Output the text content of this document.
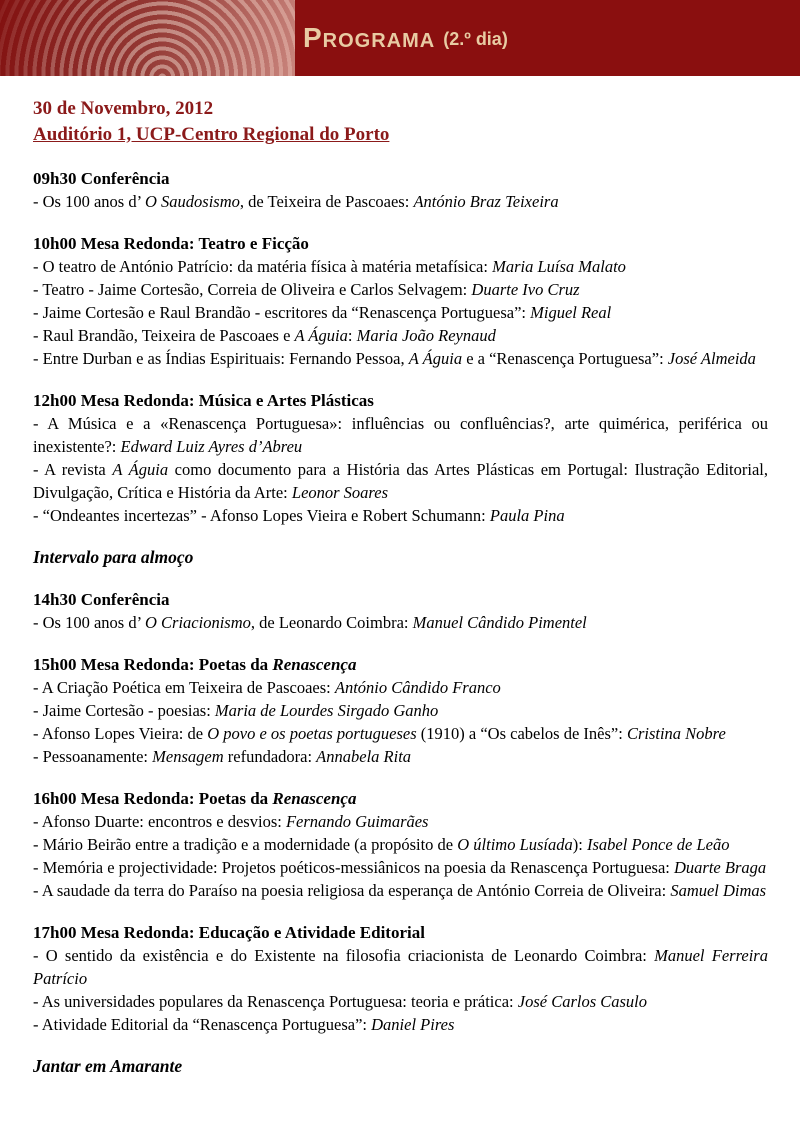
Programa (2.º dia)
30 de Novembro, 2012
Auditório 1, UCP-Centro Regional do Porto
09h30 Conferência
- Os 100 anos d’ O Saudosismo, de Teixeira de Pascoaes: António Braz Teixeira
10h00 Mesa Redonda: Teatro e Ficção
- O teatro de António Patrício: da matéria física à matéria metafísica: Maria Luísa Malato
- Teatro - Jaime Cortesão, Correia de Oliveira e Carlos Selvagem: Duarte Ivo Cruz
- Jaime Cortesão e Raul Brandão - escritores da “Renascença Portuguesa”: Miguel Real
- Raul Brandão, Teixeira de Pascoaes e A Águia: Maria João Reynaud
- Entre Durban e as Índias Espirituais: Fernando Pessoa, A Águia e a “Renascença Portuguesa”: José Almeida
12h00 Mesa Redonda: Música e Artes Plásticas
- A Música e a «Renascença Portuguesa»: influências ou confluências?, arte quimérica, periférica ou inexistente?: Edward Luiz Ayres d’Abreu
- A revista A Águia como documento para a História das Artes Plásticas em Portugal: Ilustração Editorial, Divulgação, Crítica e História da Arte: Leonor Soares
- “Ondeantes incertezas” - Afonso Lopes Vieira e Robert Schumann: Paula Pina
Intervalo para almoço
14h30 Conferência
- Os 100 anos d’ O Criacionismo, de Leonardo Coimbra: Manuel Cândido Pimentel
15h00 Mesa Redonda: Poetas da Renascença
- A Criação Poética em Teixeira de Pascoaes: António Cândido Franco
- Jaime Cortesão - poesias: Maria de Lourdes Sirgado Ganho
- Afonso Lopes Vieira: de O povo e os poetas portugueses (1910) a “Os cabelos de Inês”: Cristina Nobre
- Pessoanamente: Mensagem refundadora: Annabela Rita
16h00 Mesa Redonda: Poetas da Renascença
- Afonso Duarte: encontros e desvios: Fernando Guimarães
- Mário Beirão entre a tradição e a modernidade (a propósito de O último Lusíada): Isabel Ponce de Leão
- Memória e projectividade: Projetos poéticos-messiânicos na poesia da Renascença Portuguesa: Duarte Braga
- A saudade da terra do Paraíso na poesia religiosa da esperança de António Correia de Oliveira: Samuel Dimas
17h00 Mesa Redonda: Educação e Atividade Editorial
- O sentido da existência e do Existente na filosofia criacionista de Leonardo Coimbra: Manuel Ferreira Patrício
- As universidades populares da Renascença Portuguesa: teoria e prática: José Carlos Casulo
- Atividade Editorial da “Renascença Portuguesa”: Daniel Pires
Jantar em Amarante
